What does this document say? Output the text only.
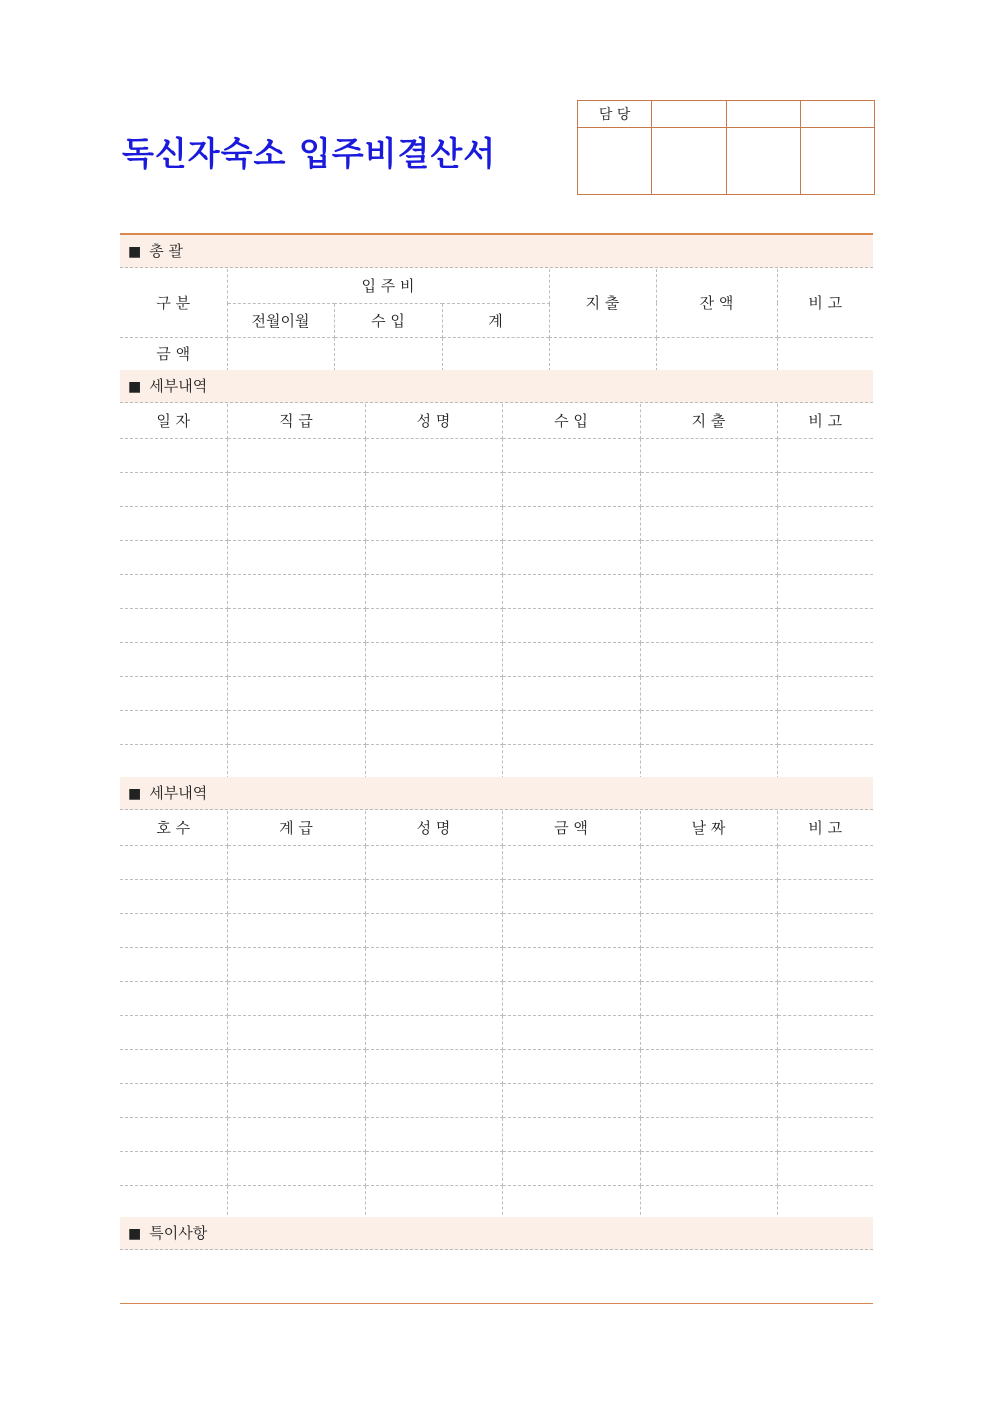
독신자숙소 입주비결산서
담 당			

■ 총 괄
구 분	입 주 비			지 출	잔 액	비 고
	전월이월	수 입	계			
금 액						
■ 세부내역
일 자	직 급	성 명	수 입	지 출	비 고

■ 세부내역
호 수	계 급	성 명	금 액	날 짜	비 고

■ 특이사항
